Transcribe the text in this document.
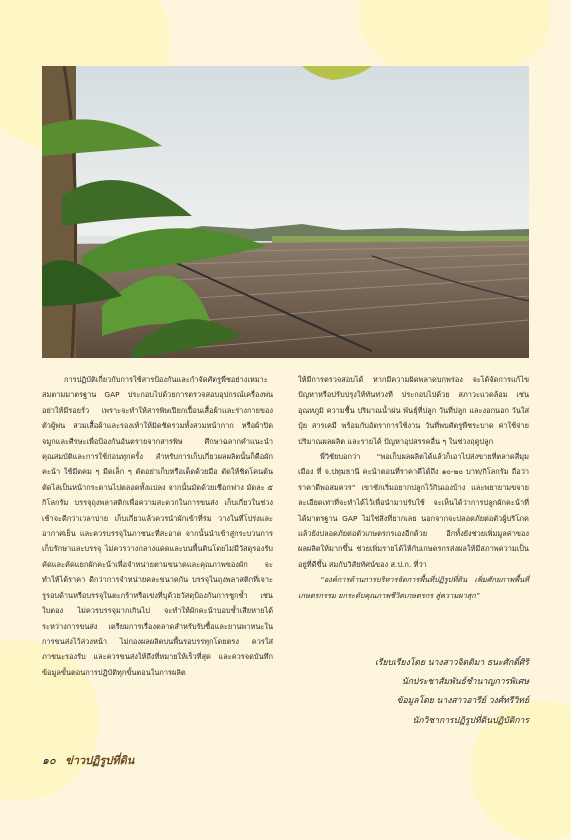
การปฏิบัติเกี่ยวกับการใช้สารป้องกันและกำจัดศัตรูพืชอย่างเหมาะสมตามมาตรฐาน GAP ประกอบไปด้วยการตรวจสอบอุปกรณ์เครื่องพ่นอย่าให้มีรอยรั่ว เพราะจะทำให้สารพิษเปียกเปื้อนเสื้อผ้าและร่างกายของตัวผู้พ่น สวมเสื้อผ้าและรองเท้าให้มิดชิดรวมทั้งสวมหน้ากาก หรือผ้าปิดจมูกและศีรษะเพื่อป้องกันอันตรายจากสารพิษ ศึกษาฉลากคำแนะนำ คุณสมบัติและการใช้ก่อนทุกครั้ง สำหรับการเก็บเกี่ยวผลผลิตนั้นก็คือผักคะน้า ใช้มีดคม ๆ มีดเล็ก ๆ ตัดอย่าเก็บหรือเด็ดด้วยมือ ตัดให้ชิดโคนต้น ตัดไล่เป็นหน้ากระดานไปตลอดทั้งแปลง จากนั้นมัดด้วยเชือกฟาง มัดละ ๕ กิโลกรัม บรรจุถุงพลาสติกเพื่อความสะดวกในการขนส่ง เก็บเกี่ยวในช่วงเช้าจะดีกว่าเวลาบ่าย เก็บเกี่ยวแล้วควรนำผักเข้าที่ร่ม วางในที่โปร่งและอากาศเย็น และควรบรรจุในภาชนะที่สะอาด จากนั้นนำเข้าสู่กระบวนการเก็บรักษาและบรรจุ ไม่ควรวางกลางแดดและบนพื้นดินโดยไม่มีวัสดุรองรับ คัดและคัดแยกผักคะน้าเพื่อจำหน่ายตามขนาดและคุณภาพของผัก จะทำให้ได้ราคา ดีกว่าการจำหน่ายคละขนาดกัน บรรจุในถุงพลาสติกที่เจาะรูรอบด้านหรือบรรจุในตะกร้าหรือเข่งที่บุด้วยวัสดุป้องกันการชูกช้ำ เช่น ใบตอง ไม่ควรบรรจุมากเกินไป จะทำให้ผักคะน้าบอบช้ำเสียหายได้ระหว่างการขนส่ง เตรียมการเรื่องตลาดสำหรับรับซื้อและยานพาหนะในการขนส่งไว้ล่วงหน้า ไม่กองผลผลิตบนพื้นรอบรรทุกโดยตรง ควรใส่ภาชนะรองรับ และควรขนส่งให้ถึงที่หมายให้เร็วที่สุด และควรจดบันทึกข้อมูลขั้นตอนการปฏิบัติทุกขั้นตอนในการผลิต

ให้มีการตรวจสอบได้ หากมีความผิดพลาดบกพร่อง จะได้จัดการแก้ไขปัญหาหรือปรับปรุงให้ทันท่วงที ประกอบไปด้วย สภาวะแวดล้อม เช่น อุณหภูมิ ความชื้น ปริมาณน้ำฝน พันธุ์ที่ปลูก วันที่ปลูก และงอกนอก วันใส่ปุ๋ย สารเคมี พร้อมกับอัตราการใช้งาน วันที่พบศัตรูพืชระบาด ค่าใช้จ่าย ปริมาณผลผลิต และรายได้ ปัญหาอุปสรรคอื่น ๆ ในช่วงฤดูปลูก

พี่วิชัยบอกว่า “พอเก็บผลผลิตได้แล้วก็เอาไปส่งขายที่ตลาดสี่มุมเมือง ที่ จ.ปทุมธานี คะน้าตอนที่ราคาดีได้ถึง ๑๐-๒๐ บาท/กิโลกรัม ถือว่าราคาดีพอสมควร” เขาชักเริ่มอยากปลูกไว้กินเองบ้าง และพยายามขจายละเอียดเท่าที่จะทำได้ไว้เพื่อนำมาปรับใช้ จะเห็นได้ว่าการปลูกผักคะน้าที่ได้มาตรฐาน GAP ไม่ใช่สิ่งที่ยากเลย นอกจากจะปลอดภัยต่อตัวผู้บริโภคแล้วยังปลอดภัยต่อตัวเกษตรกรเองอีกด้วย อีกทั้งยังช่วยเพิ่มมูลค่าของผลผลิตให้มากขึ้น ช่วยเพิ่มรายได้ให้กับเกษตรกรส่งผลให้มีสภาพความเป็นอยู่ที่ดีขึ้น สมกับวิสัยทัศน์ของ ส.ป.ก. ที่ว่า

“องค์การด้านการบริหารจัดการพื้นที่ปฏิรูปที่ดิน เพิ่มศักยภาพพื้นที่เกษตรกรรม ยกระดับคุณภาพชีวิตเกษตรกร สู่ความผาสุก”

เรียบเรียงโดย นางสาวจิตติมา ธนะศักดิ์ศิริ
นักประชาสัมพันธ์ชำนาญการพิเศษ
ข้อมูลโดย นางสาวอารีย์ วงศ์ทรีวิทย์
นักวิชาการปฏิรูปที่ดินปฏิบัติการ
๑๐ ข่าวปฏิรูปที่ดิน
